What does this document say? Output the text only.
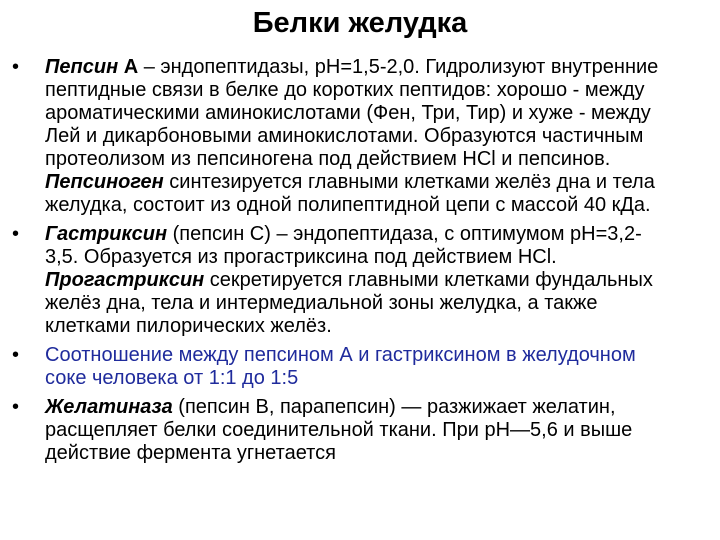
Белки желудка
•	Пепсин А – эндопептидазы, pH=1,5-2,0. Гидролизуют внутренние пептидные связи в белке до коротких пептидов: хорошо - между ароматическими аминокислотами (Фен, Три, Тир) и хуже - между Лей и дикарбоновыми аминокислотами. Образуются частичным протеолизом из пепсиногена под действием HCl и пепсинов. Пепсиноген синтезируется главными клетками желёз дна и тела желудка, состоит из одной полипептидной цепи с массой 40 кДа.
•	Гастриксин (пепсин С) – эндопептидаза, с оптимумом pH=3,2-3,5. Образуется из прогастриксина под действием HCl. Прогастриксин секретируется главными клетками фундальных желёз дна, тела и интермедиальной зоны желудка, а также клетками пилорических желёз.
•	Соотношение между пепсином А и гастриксином в желудочном соке человека от 1:1 до 1:5
•	Желатиназа (пепсин В, парапепсин) — разжижает желатин, расщепляет белки соединительной ткани. При pH—5,6 и выше действие фермента угнетается
